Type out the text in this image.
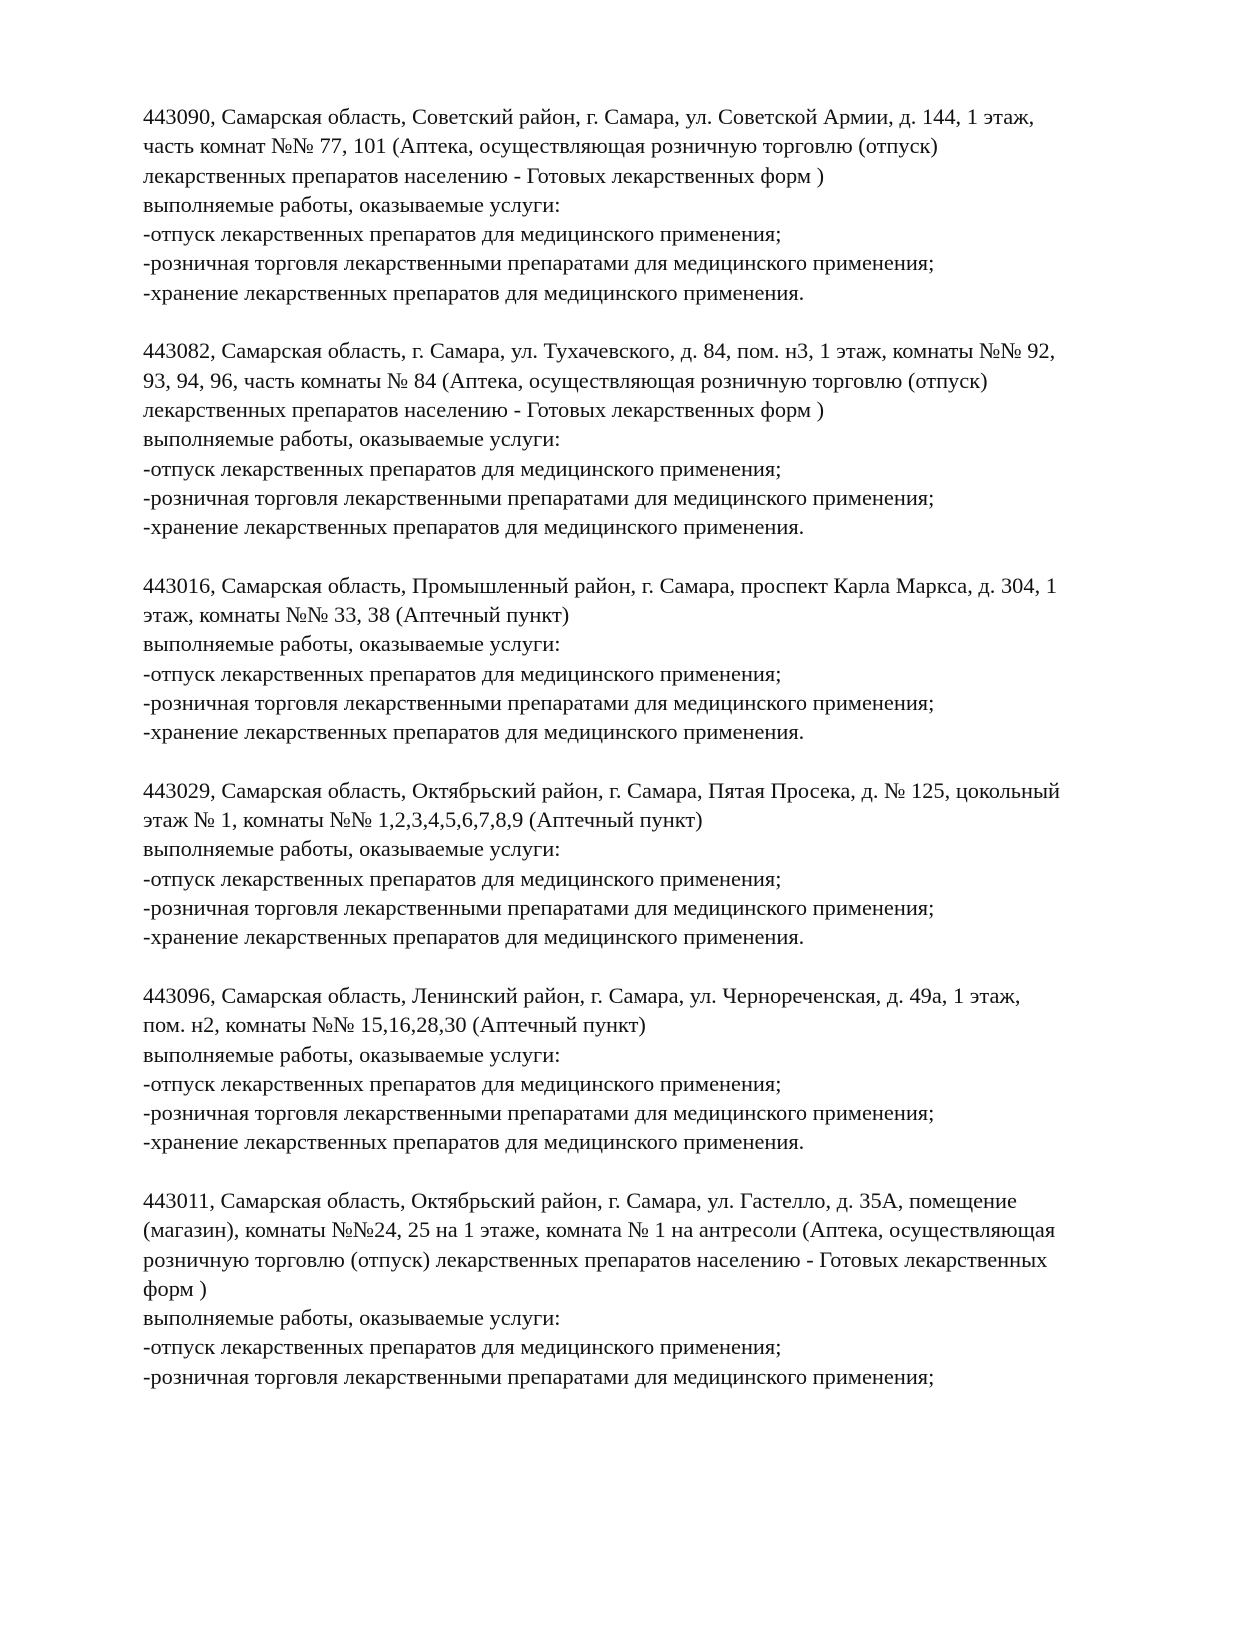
443090, Самарская область, Советский район, г. Самара, ул. Советской Армии, д. 144, 1 этаж,
часть комнат №№ 77, 101 (Аптека, осуществляющая розничную торговлю (отпуск)
лекарственных препаратов населению - Готовых лекарственных форм )
выполняемые работы, оказываемые услуги:
-отпуск лекарственных препаратов для медицинского применения;
-розничная торговля лекарственными препаратами для медицинского применения;
-хранение лекарственных препаратов для медицинского применения.
443082, Самарская область, г. Самара, ул. Тухачевского, д. 84, пом. н3, 1 этаж, комнаты №№ 92,
93, 94, 96, часть комнаты № 84 (Аптека, осуществляющая розничную торговлю (отпуск)
лекарственных препаратов населению - Готовых лекарственных форм )
выполняемые работы, оказываемые услуги:
-отпуск лекарственных препаратов для медицинского применения;
-розничная торговля лекарственными препаратами для медицинского применения;
-хранение лекарственных препаратов для медицинского применения.
443016, Самарская область, Промышленный район, г. Самара, проспект Карла Маркса, д. 304, 1
этаж, комнаты №№ 33, 38 (Аптечный пункт)
выполняемые работы, оказываемые услуги:
-отпуск лекарственных препаратов для медицинского применения;
-розничная торговля лекарственными препаратами для медицинского применения;
-хранение лекарственных препаратов для медицинского применения.
443029, Самарская область, Октябрьский район, г. Самара, Пятая Просека, д. № 125, цокольный
этаж № 1, комнаты №№ 1,2,3,4,5,6,7,8,9 (Аптечный пункт)
выполняемые работы, оказываемые услуги:
-отпуск лекарственных препаратов для медицинского применения;
-розничная торговля лекарственными препаратами для медицинского применения;
-хранение лекарственных препаратов для медицинского применения.
443096, Самарская область, Ленинский район, г. Самара, ул. Чернореченская, д. 49а, 1 этаж,
пом. н2, комнаты №№ 15,16,28,30 (Аптечный пункт)
выполняемые работы, оказываемые услуги:
-отпуск лекарственных препаратов для медицинского применения;
-розничная торговля лекарственными препаратами для медицинского применения;
-хранение лекарственных препаратов для медицинского применения.
443011, Самарская область, Октябрьский район, г. Самара, ул. Гастелло, д. 35А, помещение
(магазин), комнаты №№24, 25 на 1 этаже, комната № 1 на антресоли (Аптека, осуществляющая
розничную торговлю (отпуск) лекарственных препаратов населению - Готовых лекарственных
форм )
выполняемые работы, оказываемые услуги:
-отпуск лекарственных препаратов для медицинского применения;
-розничная торговля лекарственными препаратами для медицинского применения;
